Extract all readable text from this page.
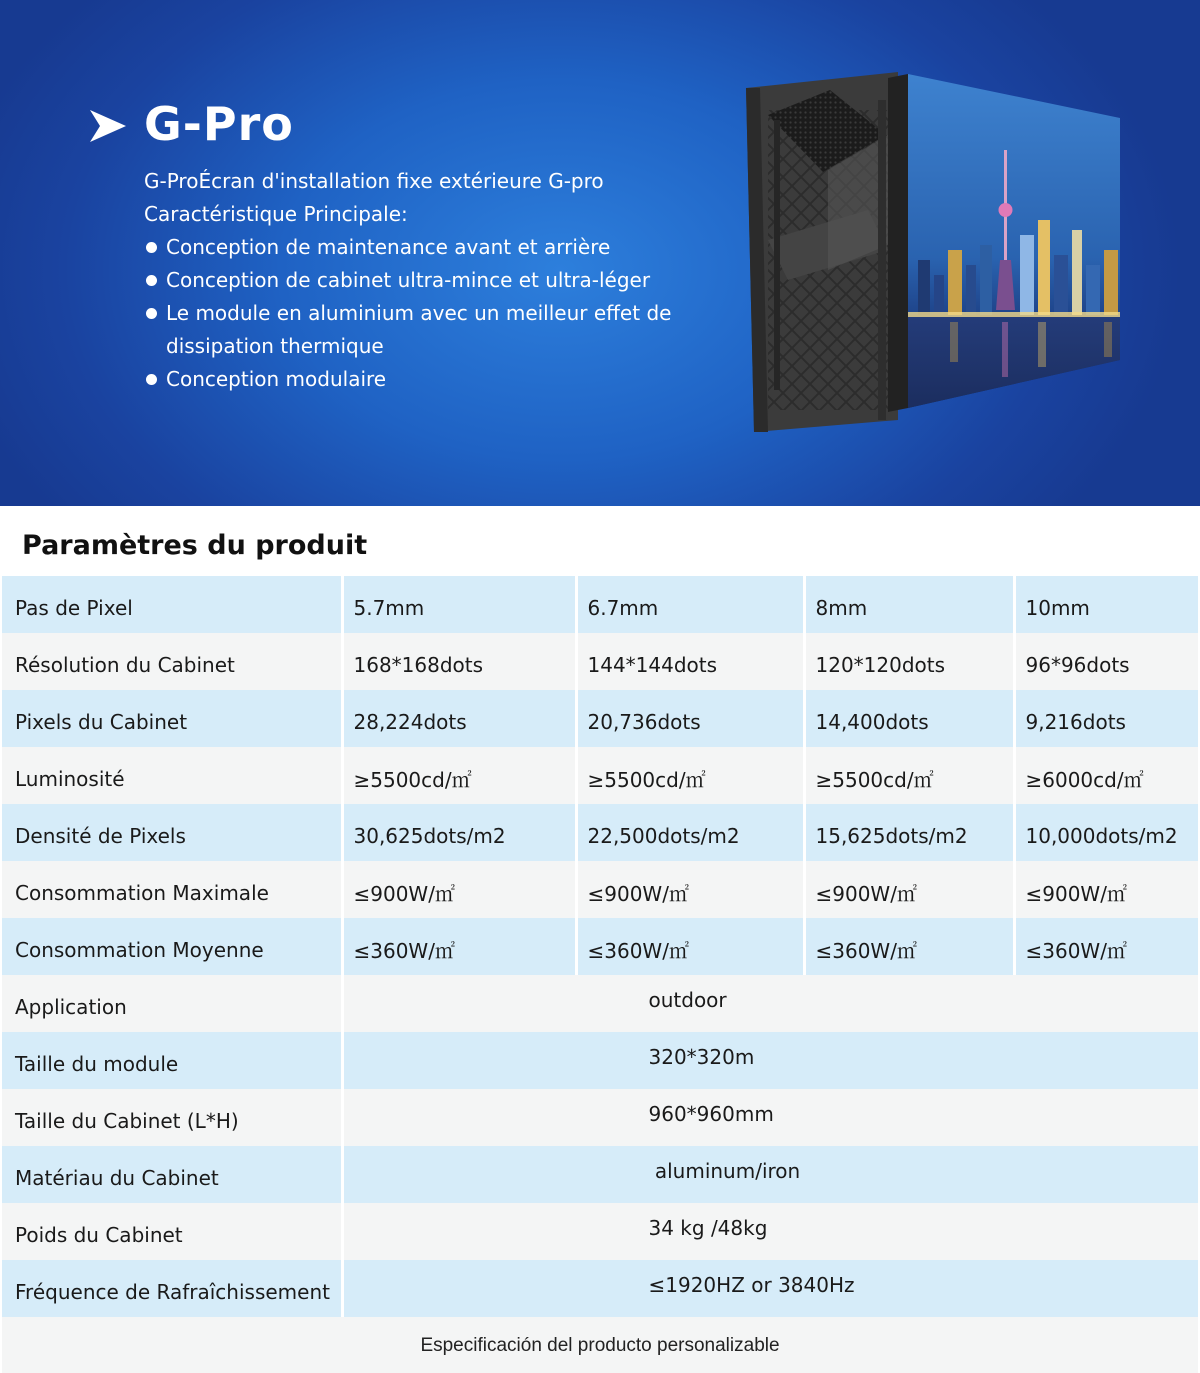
G-Pro
G-ProÉcran d'installation fixe extérieure G-pro
Caractéristique Principale:
Conception de maintenance avant et arrière
Conception de cabinet ultra-mince et ultra-léger
Le module en aluminium avec un meilleur effet de dissipation thermique
Conception modulaire
Paramètres du produit
Pas de Pixel	5.7mm	6.7mm	8mm	10mm
Résolution du Cabinet	168*168dots	144*144dots	120*120dots	96*96dots
Pixels du Cabinet	28,224dots	20,736dots	14,400dots	9,216dots
Luminosité	≥5500cd/㎡	≥5500cd/㎡	≥5500cd/㎡	≥6000cd/㎡
Densité de Pixels	30,625dots/m2	22,500dots/m2	15,625dots/m2	10,000dots/m2
Consommation Maximale	≤900W/㎡	≤900W/㎡	≤900W/㎡	≤900W/㎡
Consommation Moyenne	≤360W/㎡	≤360W/㎡	≤360W/㎡	≤360W/㎡
Application	outdoor			

Taille du module	320*320m			

Taille du Cabinet (L*H)	960*960mm			

Matériau du Cabinet	aluminum/iron			

Poids du Cabinet	34 kg /48kg			

Fréquence de Rafraîchissement	≤1920HZ or 3840Hz			

Especificación del producto personalizable				
